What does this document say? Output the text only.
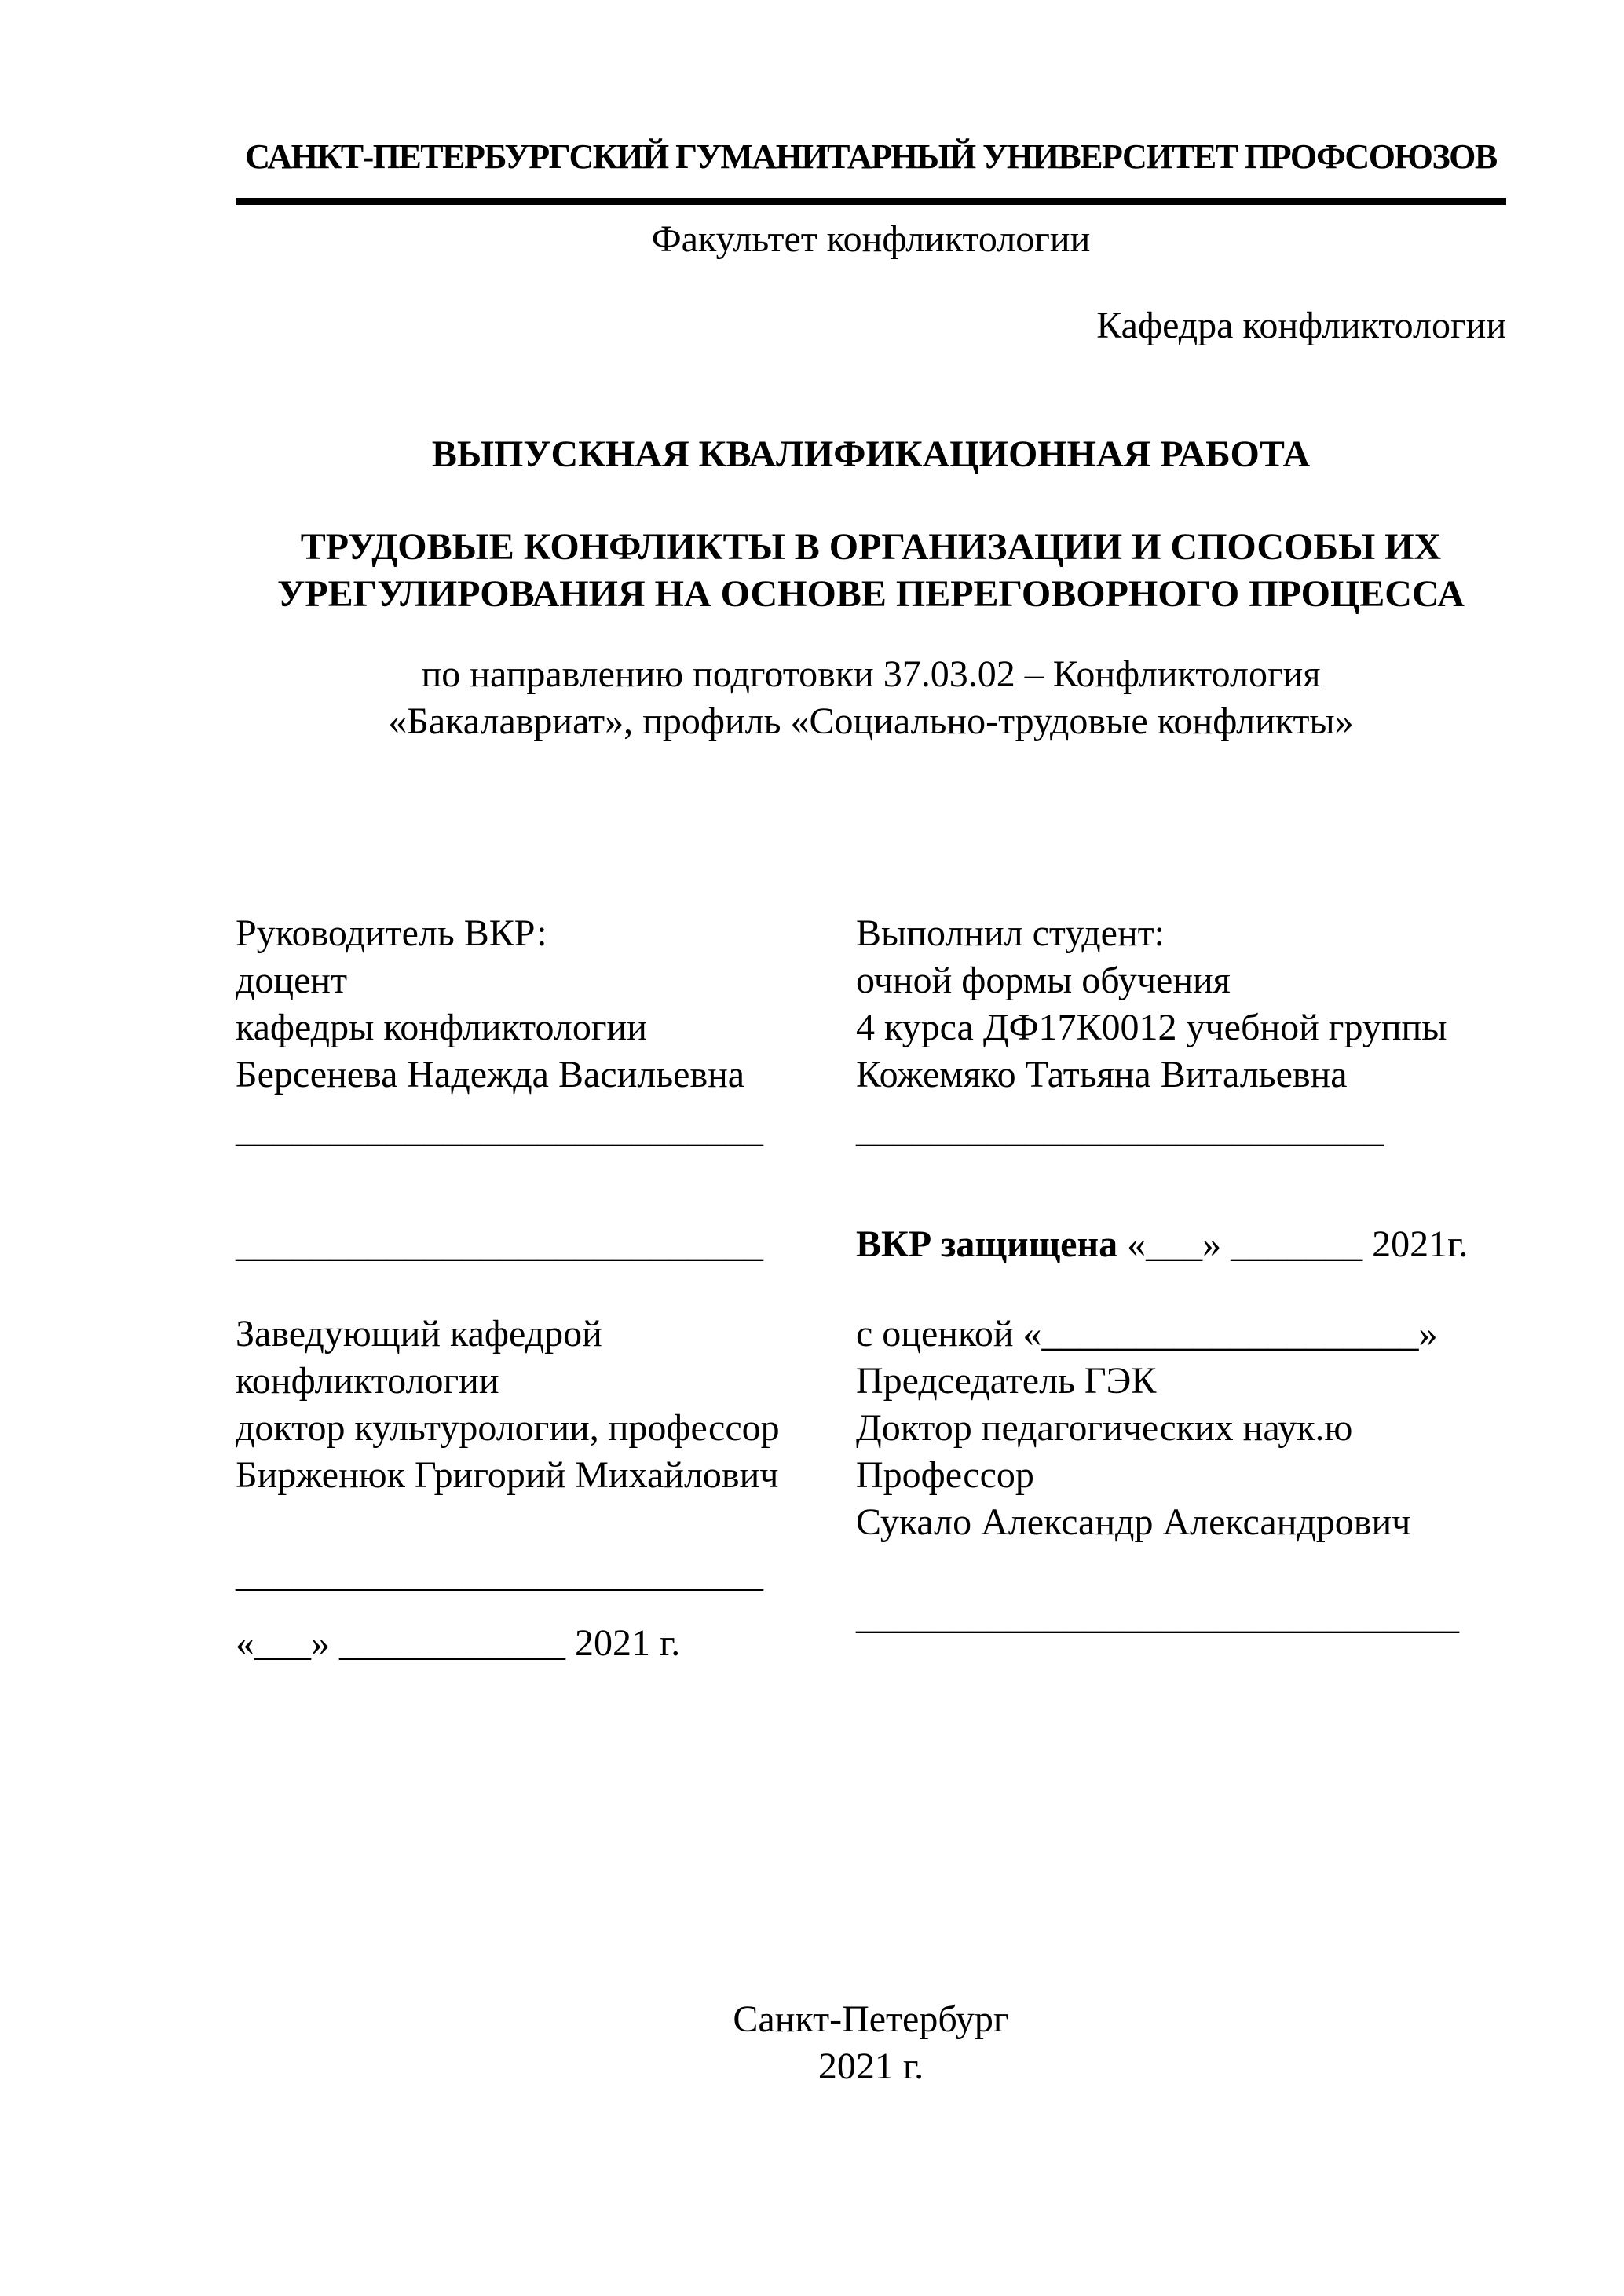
САНКТ-ПЕТЕРБУРГСКИЙ ГУМАНИТАРНЫЙ УНИВЕРСИТЕТ ПРОФСОЮЗОВ
Факультет конфликтологии
Кафедра конфликтологии
ВЫПУСКНАЯ КВАЛИФИКАЦИОННАЯ РАБОТА
ТРУДОВЫЕ КОНФЛИКТЫ В ОРГАНИЗАЦИИ И СПОСОБЫ ИХ
УРЕГУЛИРОВАНИЯ НА ОСНОВЕ ПЕРЕГОВОРНОГО ПРОЦЕССА
по направлению подготовки 37.03.02 – Конфликтология
«Бакалавриат», профиль «Социально-трудовые конфликты»
Руководитель ВКР:
доцент
кафедры конфликтологии
Берсенева Надежда Васильевна
____________________________
Выполнил студент:
очной формы обучения
4 курса ДФ17К0012 учебной группы
Кожемяко Татьяна Витальевна
____________________________
____________________________	ВКР защищена «___» _______ 2021г.
Заведующий кафедрой
конфликтологии
доктор культурологии, профессор
Бирженюк Григорий Михайлович
____________________________
«___» ____________ 2021 г.
с оценкой «____________________»
Председатель ГЭК
Доктор педагогических наук.ю
Профессор
Сукало Александр Александрович
________________________________
Санкт-Петербург
2021 г.
